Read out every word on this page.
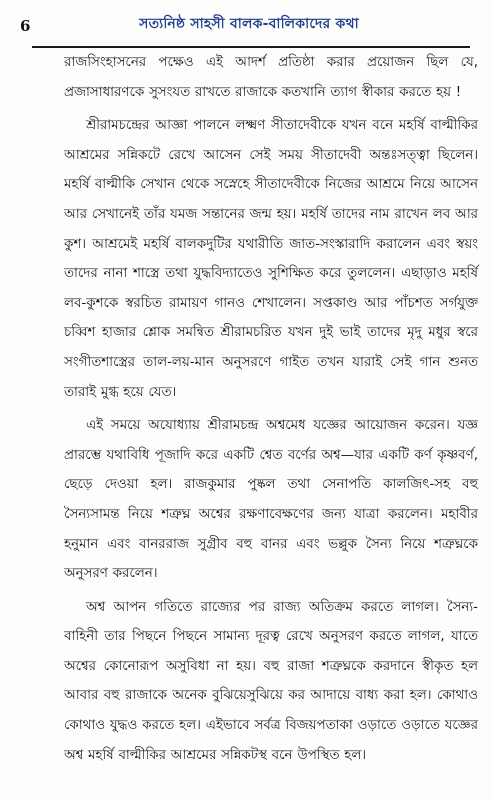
6	সত্যনিষ্ঠ সাহসী বালক-বালিকাদের কথা

রাজসিংহাসনের পক্ষেও এই আদর্শ প্রতিষ্ঠা করার প্রয়োজন ছিল যে, প্রজাসাধারণকে সুসংযত রাখতে রাজাকে কতখানি ত্যাগ স্বীকার করতে হয় !

শ্রীরামচন্দ্রের আজ্ঞা পালনে লক্ষ্মণ সীতাদেবীকে যখন বনে মহর্ষি বাল্মীকির আশ্রমের সন্নিকটে রেখে আসেন সেই সময় সীতাদেবী অন্তঃসত্ত্বা ছিলেন। মহর্ষি বাল্মীকি সেখান থেকে সস্নেহে সীতাদেবীকে নিজের আশ্রমে নিয়ে আসেন আর সেখানেই তাঁর যমজ সন্তানের জন্ম হয়। মহর্ষি তাদের নাম রাখেন লব আর কুশ। আশ্রমেই মহর্ষি বালকদুটির যথারীতি জাত-সংস্কারাদি করালেন এবং স্বয়ং তাদের নানা শাস্ত্রে তথা যুদ্ধবিদ্যাতেও সুশিক্ষিত করে তুললেন। এছাড়াও মহর্ষি লব-কুশকে স্বরচিত রামায়ণ গানও শেখালেন। সপ্তকাণ্ড আর পাঁচশত সর্গযুক্ত চব্বিশ হাজার শ্লোক সমন্বিত শ্রীরামচরিত যখন দুই ভাই তাদের মৃদু মধুর স্বরে সংগীতশাস্ত্রের তাল-লয়-মান অনুসরণে গাইত তখন যারাই সেই গান শুনত তারাই মুগ্ধ হয়ে যেত।

এই সময়ে অযোধ্যায় শ্রীরামচন্দ্র অশ্বমেধ যজ্ঞের আয়োজন করেন। যজ্ঞ প্রারম্ভে যথাবিধি পূজাদি করে একটি শ্বেত বর্ণের অশ্ব—যার একটি কর্ণ কৃষ্ণবর্ণ, ছেড়ে দেওয়া হল। রাজকুমার পুষ্কল তথা সেনাপতি কালজিৎ-সহ বহু সৈন্যসামন্ত নিয়ে শত্রুঘ্ন অশ্বের রক্ষণাবেক্ষণের জন্য যাত্রা করলেন। মহাবীর হনুমান এবং বানররাজ সুগ্রীব বহু বানর এবং ভল্লুক সৈন্য নিয়ে শত্রুঘ্নকে অনুসরণ করলেন।

অশ্ব আপন গতিতে রাজ্যের পর রাজ্য অতিক্রম করতে লাগল। সৈন্য-বাহিনী তার পিছনে পিছনে সামান্য দূরত্ব রেখে অনুসরণ করতে লাগল, যাতে অশ্বের কোনোরূপ অসুবিধা না হয়। বহু রাজা শত্রুঘ্নকে করদানে স্বীকৃত হল আবার বহু রাজাকে অনেক বুঝিয়েসুঝিয়ে কর আদায়ে বাধ্য করা হল। কোথাও কোথাও যুদ্ধও করতে হল। এইভাবে সর্বত্র বিজয়পতাকা ওড়াতে ওড়াতে যজ্ঞের অশ্ব মহর্ষি বাল্মীকির আশ্রমের সন্নিকটস্থ বনে উপস্থিত হল।
